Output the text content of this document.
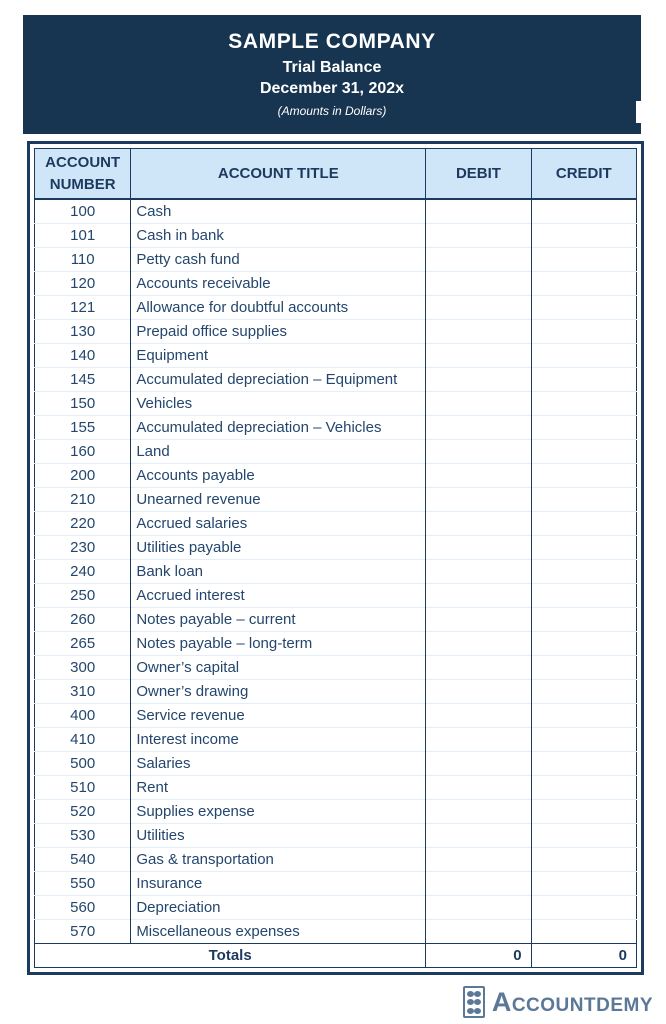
SAMPLE COMPANY
Trial Balance
December 31, 202x
(Amounts in Dollars)
ACCOUNT
NUMBER	ACCOUNT TITLE	DEBIT	CREDIT
100	Cash		
101	Cash in bank		
110	Petty cash fund		
120	Accounts receivable		
121	Allowance for doubtful accounts		
130	Prepaid office supplies		
140	Equipment		
145	Accumulated depreciation – Equipment		
150	Vehicles		
155	Accumulated depreciation – Vehicles		
160	Land		
200	Accounts payable		
210	Unearned revenue		
220	Accrued salaries		
230	Utilities payable		
240	Bank loan		
250	Accrued interest		
260	Notes payable – current		
265	Notes payable – long-term		
300	Owner’s capital		
310	Owner’s drawing		
400	Service revenue		
410	Interest income		
500	Salaries		
510	Rent		
520	Supplies expense		
530	Utilities		
540	Gas & transportation		
550	Insurance		
560	Depreciation		
570	Miscellaneous expenses		
Totals		0	0
ACCOUNTDEMY
